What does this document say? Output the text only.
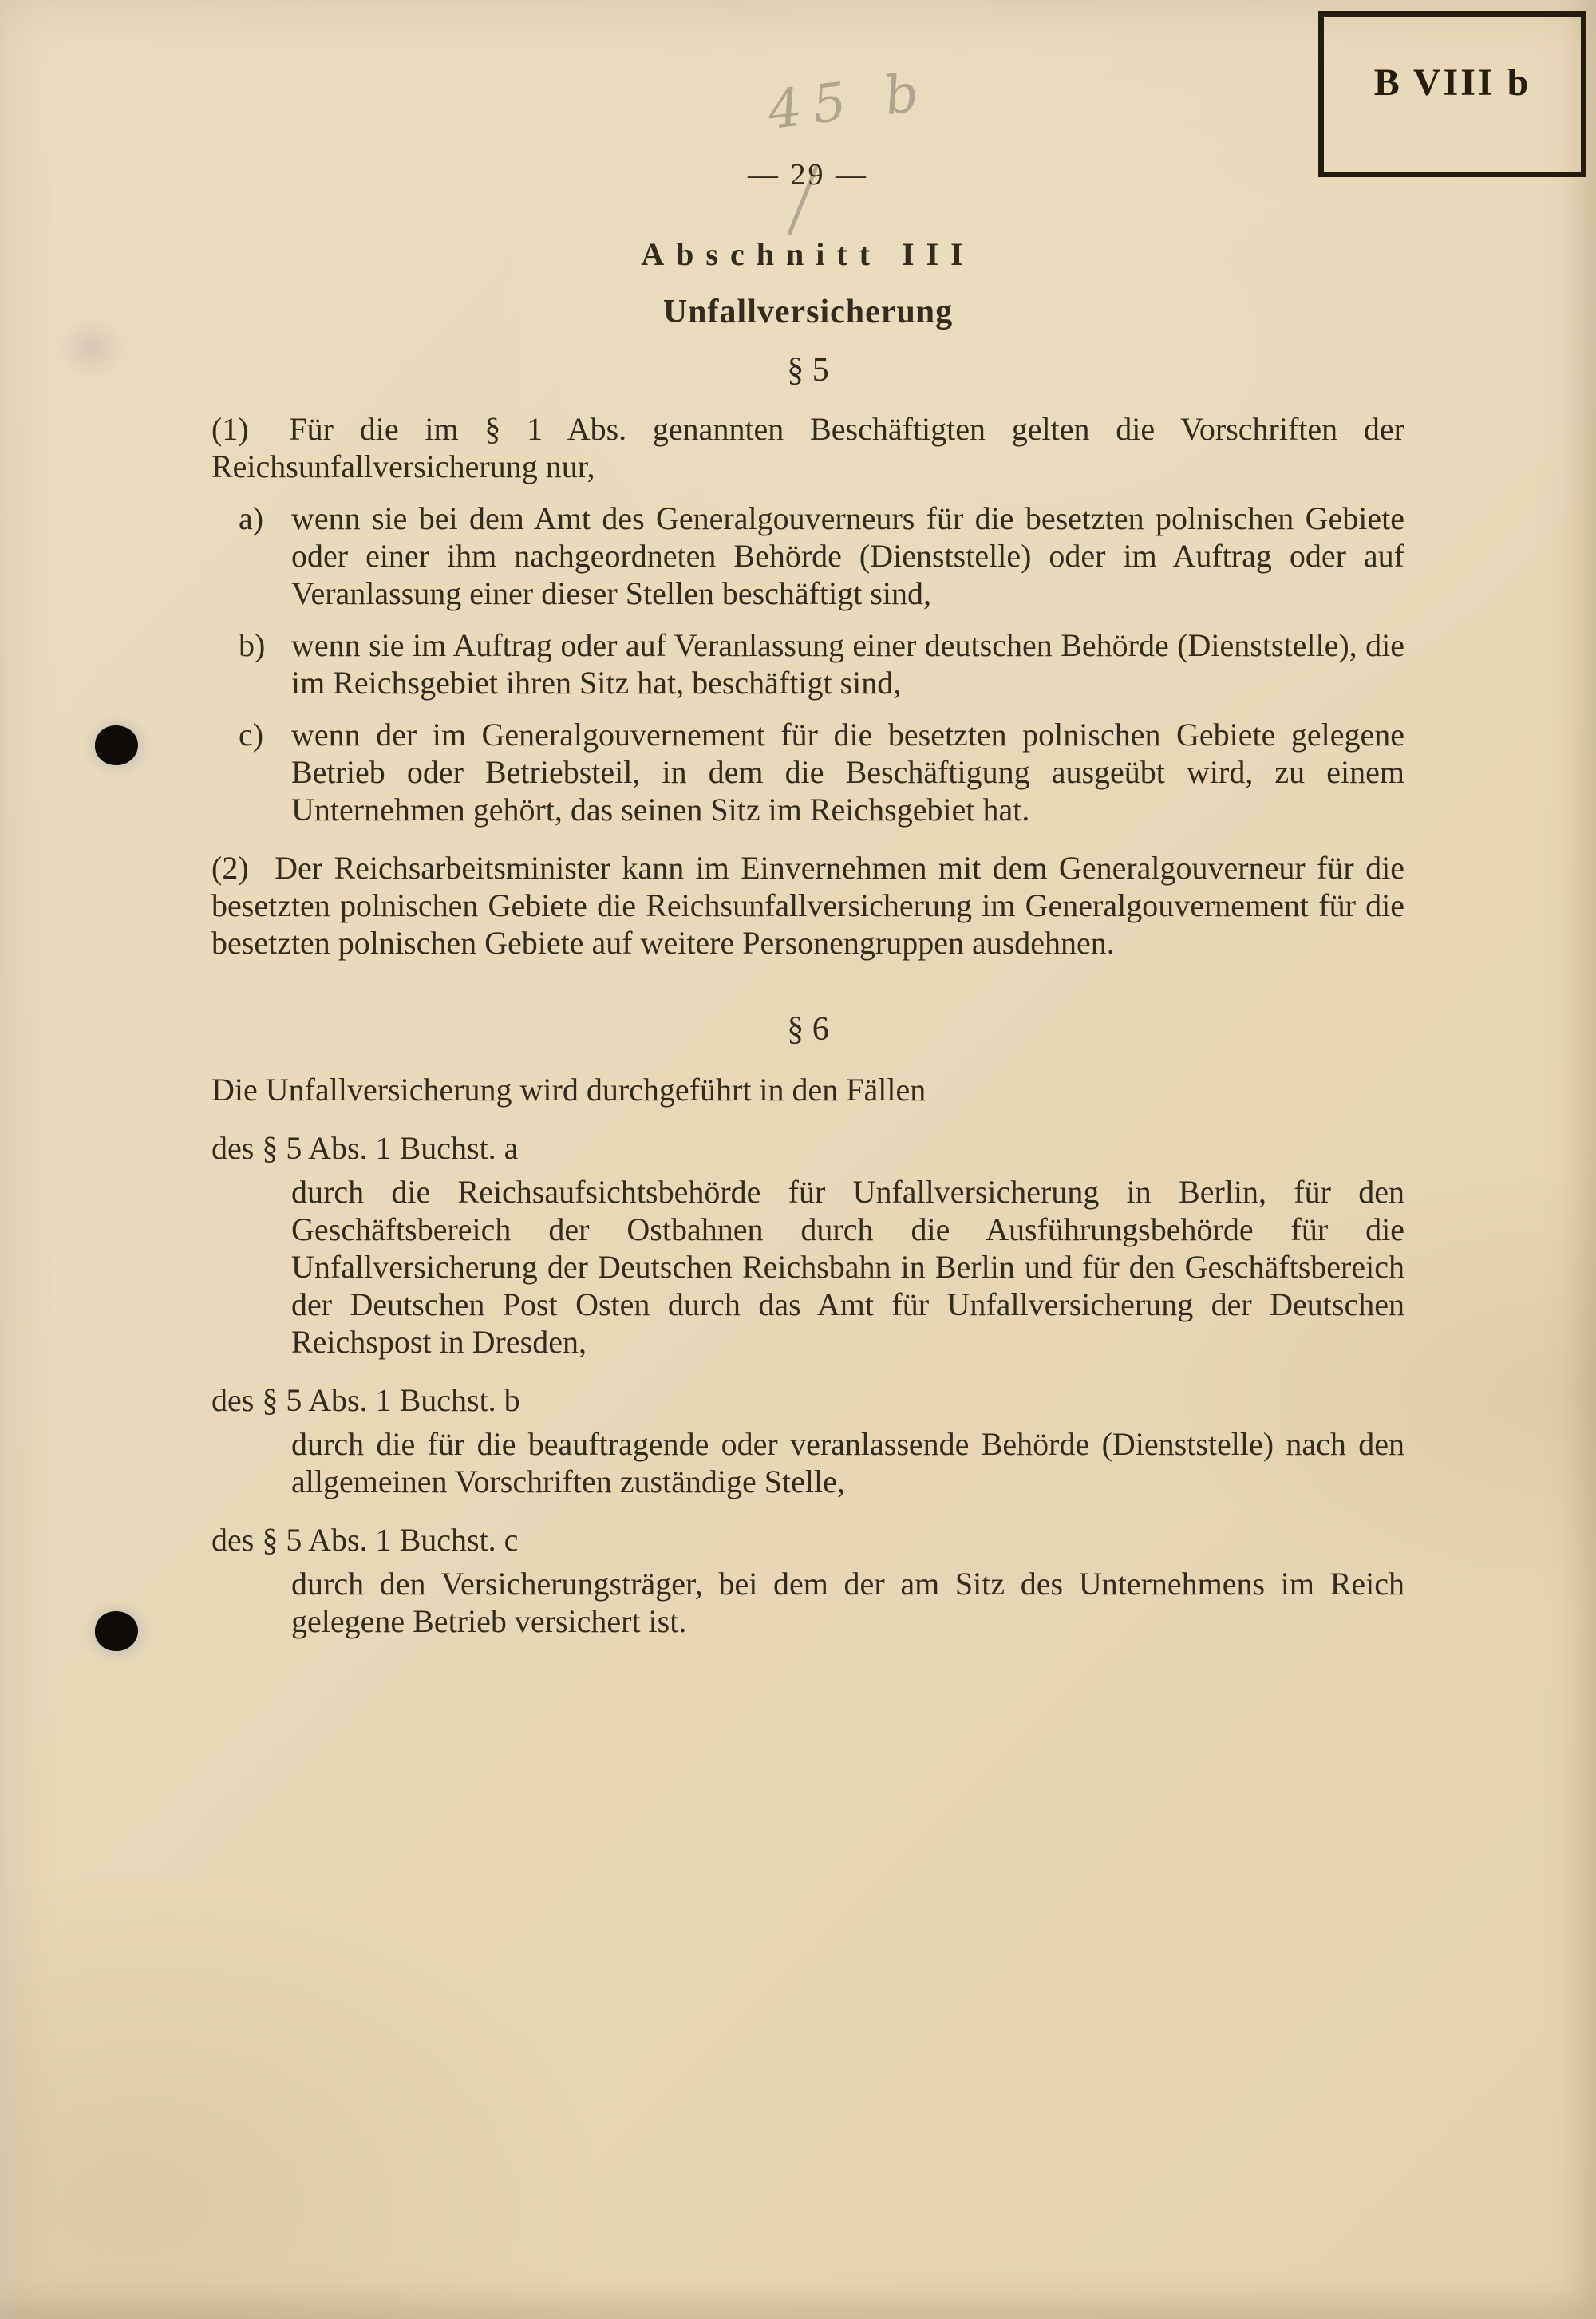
B VIII b
45 b
— 29 —
Abschnitt III
Unfallversicherung
§ 5

(1) Für die im § 1 Abs. genannten Beschäftigten gelten die Vorschriften der Reichsunfallversicherung nur,

a) wenn sie bei dem Amt des Generalgouverneurs für die besetzten polnischen Gebiete oder einer ihm nachgeordneten Behörde (Dienststelle) oder im Auftrag oder auf Veranlassung einer dieser Stellen beschäftigt sind,
b) wenn sie im Auftrag oder auf Veranlassung einer deutschen Behörde (Dienststelle), die im Reichsgebiet ihren Sitz hat, beschäftigt sind,
c) wenn der im Generalgouvernement für die besetzten polnischen Gebiete gelegene Betrieb oder Betriebsteil, in dem die Beschäftigung ausgeübt wird, zu einem Unternehmen gehört, das seinen Sitz im Reichsgebiet hat.

(2) Der Reichsarbeitsminister kann im Einvernehmen mit dem Generalgouverneur für die besetzten polnischen Gebiete die Reichsunfallversicherung im Generalgouvernement für die besetzten polnischen Gebiete auf weitere Personengruppen ausdehnen.

§ 6

Die Unfallversicherung wird durchgeführt in den Fällen

des § 5 Abs. 1 Buchst. a
durch die Reichsaufsichtsbehörde für Unfallversicherung in Berlin, für den Geschäftsbereich der Ostbahnen durch die Ausführungsbehörde für die Unfallversicherung der Deutschen Reichsbahn in Berlin und für den Geschäftsbereich der Deutschen Post Osten durch das Amt für Unfallversicherung der Deutschen Reichspost in Dresden,
des § 5 Abs. 1 Buchst. b
durch die für die beauftragende oder veranlassende Behörde (Dienststelle) nach den allgemeinen Vorschriften zuständige Stelle,
des § 5 Abs. 1 Buchst. c
durch den Versicherungsträger, bei dem der am Sitz des Unternehmens im Reich gelegene Betrieb versichert ist.
